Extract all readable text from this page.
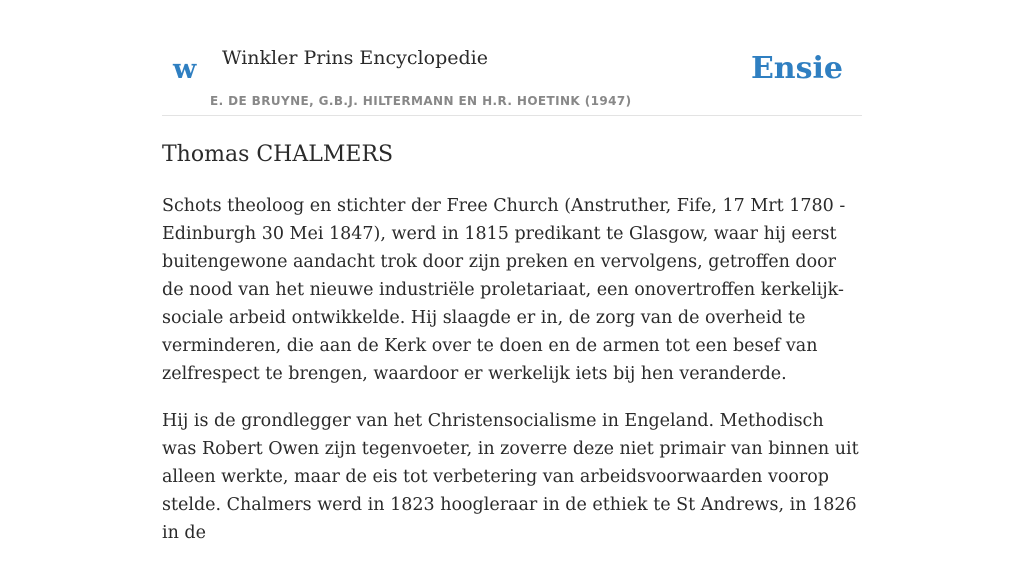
w Winkler Prins Encyclopedie
E. DE BRUYNE, G.B.J. HILTERMANN EN H.R. HOETINK (1947)
Ensie
Thomas CHALMERS

Schots theoloog en stichter der Free Church (Anstruther, Fife, 17 Mrt 1780 - Edinburgh 30 Mei 1847), werd in 1815 predikant te Glasgow, waar hij eerst buitengewone aandacht trok door zijn preken en vervolgens, getroffen door de nood van het nieuwe industriële proletariaat, een onovertroffen kerkelijk-sociale arbeid ontwikkelde. Hij slaagde er in, de zorg van de overheid te verminderen, die aan de Kerk over te doen en de armen tot een besef van zelfrespect te brengen, waardoor er werkelijk iets bij hen veranderde.

Hij is de grondlegger van het Christensocialisme in Engeland. Methodisch was Robert Owen zijn tegenvoeter, in zoverre deze niet primair van binnen uit alleen werkte, maar de eis tot verbetering van arbeidsvoorwaarden voorop stelde. Chalmers werd in 1823 hoogleraar in de ethiek te St Andrews, in 1826 in de
